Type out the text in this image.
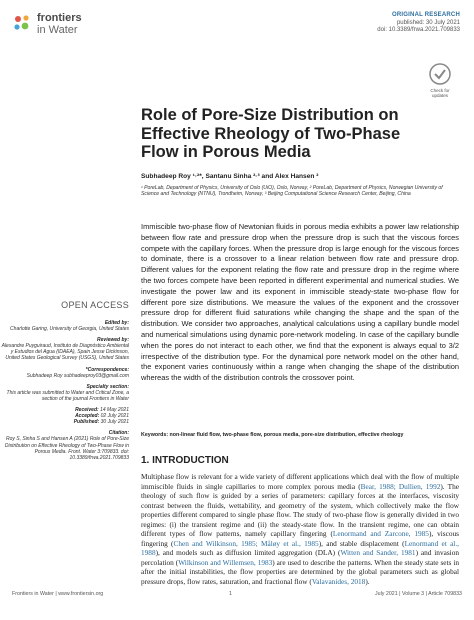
frontiers
in Water
ORIGINAL RESEARCH
published: 30 July 2021
doi: 10.3389/frwa.2021.709833
Check for updates
Role of Pore-Size Distribution on Effective Rheology of Two-Phase Flow in Porous Media
Subhadeep Roy ¹·²*, Santanu Sinha ²·³ and Alex Hansen ²
¹ PoreLab, Department of Physics, University of Oslo (UiO), Oslo, Norway, ² PoreLab, Department of Physics, Norwegian University of Science and Technology (NTNU), Trondheim, Norway, ³ Beijing Computational Science Research Center, Beijing, China
Immiscible two-phase flow of Newtonian fluids in porous media exhibits a power law relationship between flow rate and pressure drop when the pressure drop is such that the viscous forces compete with the capillary forces. When the pressure drop is large enough for the viscous forces to dominate, there is a crossover to a linear relation between flow rate and pressure drop. Different values for the exponent relating the flow rate and pressure drop in the regime where the two forces compete have been reported in different experimental and numerical studies. We investigate the power law and its exponent in immiscible steady-state two-phase flow for different pore size distributions. We measure the values of the exponent and the crossover pressure drop for different fluid saturations while changing the shape and the span of the distribution. We consider two approaches, analytical calculations using a capillary bundle model and numerical simulations using dynamic pore-network modeling. In case of the capillary bundle when the pores do not interact to each other, we find that the exponent is always equal to 3/2 irrespective of the distribution type. For the dynamical pore network model on the other hand, the exponent varies continuously within a range when changing the shape of the distribution whereas the width of the distribution controls the crossover point.
Keywords: non-linear fluid flow, two-phase flow, porous media, pore-size distribution, effective rheology
1. INTRODUCTION
Multiphase flow is relevant for a wide variety of different applications which deal with the flow of multiple immiscible fluids in single capillaries to more complex porous media (Bear, 1988; Dullien, 1992). The theology of such flow is guided by a series of parameters: capillary forces at the interfaces, viscosity contrast between the fluids, wettability, and geometry of the system, which collectively make the flow properties different compared to single phase flow. The study of two-phase flow is generally divided in two regimes: (i) the transient regime and (ii) the steady-state flow. In the transient regime, one can obtain different types of flow patterns, namely capillary fingering (Lenormand and Zarcone, 1985), viscous fingering (Chen and Wilkinson, 1985; Måløy et al., 1985), and stable displacement (Lenormand et al., 1988), and models such as diffusion limited aggregation (DLA) (Witten and Sander, 1981) and invasion percolation (Wilkinson and Willemsen, 1983) are used to describe the patterns. When the steady state sets in after the initial instabilities, the flow properties are determined by the global parameters such as global pressure drops, flow rates, saturation, and fractional flow (Valavanides, 2018).
OPEN ACCESS
Edited by:
Charlotte Garing, University of Georgia, United States
Reviewed by:
Alexandre Puyguiraud, Instituto de Diagnóstico Ambiental y Estudios del Agua (IDAEA), Spain Jesse Dickinson, United States Geological Survey (USGS), United States
*Correspondence:
Subhadeep Roy subhadeeproy03@gmail.com
Specialty section:
This article was submitted to Water and Critical Zone, a section of the journal Frontiers in Water
Received: 14 May 2021
Accepted: 02 July 2021
Published: 30 July 2021
Citation:
Roy S, Sinha S and Hansen A (2021) Role of Pore-Size Distribution on Effective Rheology of Two-Phase Flow in Porous Media. Front. Water 3:709833. doi: 10.3389/frwa.2021.709833
Frontiers in Water | www.frontiersin.org	1	July 2021 | Volume 3 | Article 709833
